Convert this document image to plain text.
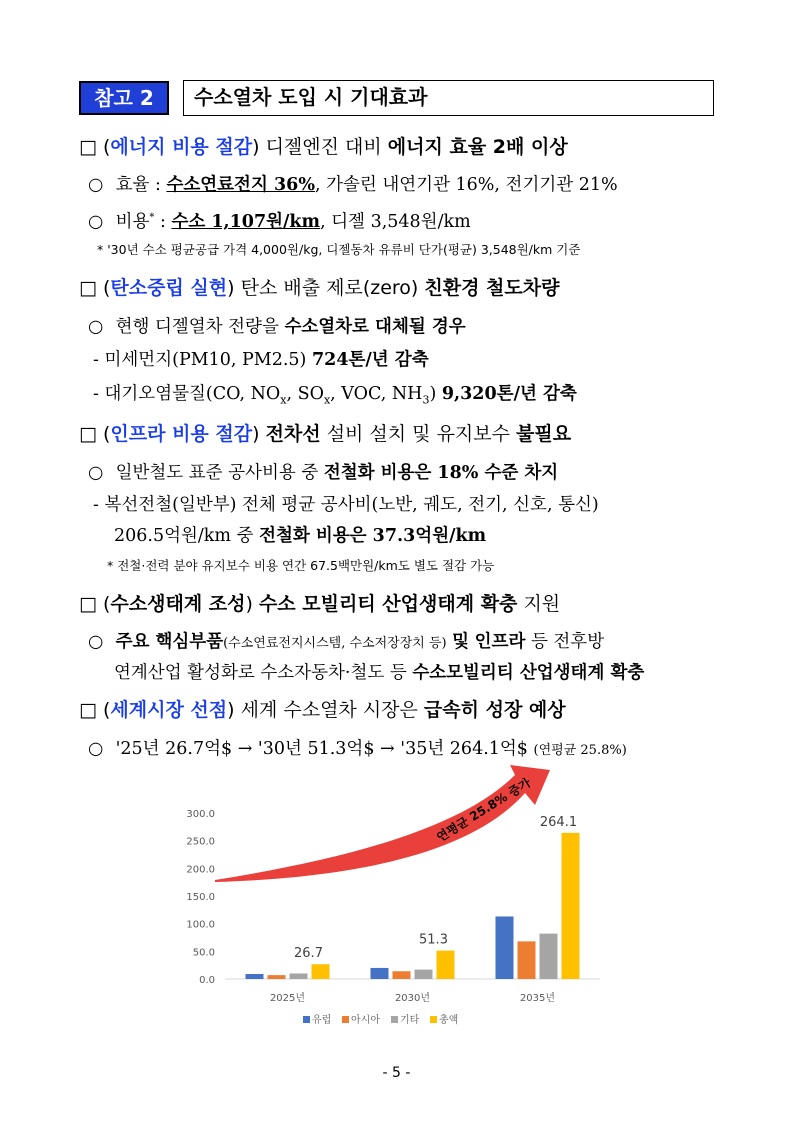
참고 2	수소열차 도입 시 기대효과
□ (에너지 비용 절감) 디젤엔진 대비 에너지 효율 2배 이상
○ 효율 : 수소연료전지 36%, 가솔린 내연기관 16%, 전기기관 21%
○ 비용* : 수소 1,107원/km, 디젤 3,548원/km
* '30년 수소 평균공급 가격 4,000원/kg, 디젤동차 유류비 단가(평균) 3,548원/km 기준
□ (탄소중립 실현) 탄소 배출 제로(zero) 친환경 철도차량
○ 현행 디젤열차 전량을 수소열차로 대체될 경우
- 미세먼지(PM10, PM2.5) 724톤/년 감축
- 대기오염물질(CO, $NO_x$, $SO_x$, VOC, $NH_3$) 9,320톤/년 감축
□ (인프라 비용 절감) 전차선 설비 설치 및 유지보수 불필요
○ 일반철도 표준 공사비용 중 전철화 비용은 18% 수준 차지
- 복선전철(일반부) 전체 평균 공사비(노반, 궤도, 전기, 신호, 통신)
206.5억원/km 중 전철화 비용은 37.3억원/km
* 전철·전력 분야 유지보수 비용 연간 67.5백만원/km도 별도 절감 가능
□ (수소생태계 조성) 수소 모빌리티 산업생태계 확충 지원
○ 주요 핵심부품(수소연료전지시스템, 수소저장장치 등) 및 인프라 등 전후방
연계산업 활성화로 수소자동차·철도 등 수소모빌리티 산업생태계 확충
□ (세계시장 선점) 세계 수소열차 시장은 급속히 성장 예상
○ '25년 26.7억$ → '30년 51.3억$ → '35년 264.1억$ (연평균 25.8%)
연평균 25.8% 증가
0.0
50.0
100.0
150.0
200.0
250.0
300.0
26.7
2025년
51.3
2030년
264.1
2035년
유럽 아시아 기타 총액
- 5 -
